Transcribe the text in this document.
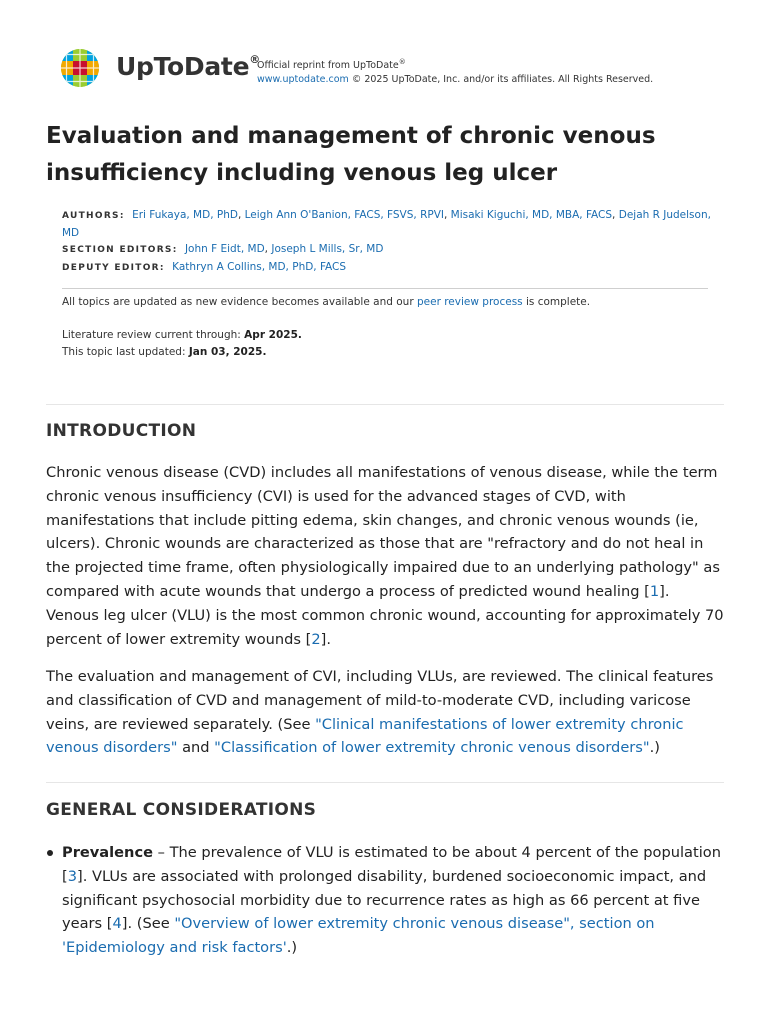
UpToDate®
Official reprint from UpToDate®
www.uptodate.com © 2025 UpToDate, Inc. and/or its affiliates. All Rights Reserved.
Evaluation and management of chronic venous insufficiency including venous leg ulcer
AUTHORS: Eri Fukaya, MD, PhD, Leigh Ann O'Banion, FACS, FSVS, RPVI, Misaki Kiguchi, MD, MBA, FACS, Dejah R Judelson, MD
SECTION EDITORS: John F Eidt, MD, Joseph L Mills, Sr, MD
DEPUTY EDITOR: Kathryn A Collins, MD, PhD, FACS
All topics are updated as new evidence becomes available and our peer review process is complete.
Literature review current through: Apr 2025.
This topic last updated: Jan 03, 2025.
INTRODUCTION

Chronic venous disease (CVD) includes all manifestations of venous disease, while the term chronic venous insufficiency (CVI) is used for the advanced stages of CVD, with manifestations that include pitting edema, skin changes, and chronic venous wounds (ie, ulcers). Chronic wounds are characterized as those that are "refractory and do not heal in the projected time frame, often physiologically impaired due to an underlying pathology" as compared with acute wounds that undergo a process of predicted wound healing [1]. Venous leg ulcer (VLU) is the most common chronic wound, accounting for approximately 70 percent of lower extremity wounds [2].

The evaluation and management of CVI, including VLUs, are reviewed. The clinical features and classification of CVD and management of mild-to-moderate CVD, including varicose veins, are reviewed separately. (See "Clinical manifestations of lower extremity chronic venous disorders" and "Classification of lower extremity chronic venous disorders".)

GENERAL CONSIDERATIONS

Prevalence – The prevalence of VLU is estimated to be about 4 percent of the population [3]. VLUs are associated with prolonged disability, burdened socioeconomic impact, and significant psychosocial morbidity due to recurrence rates as high as 66 percent at five years [4]. (See "Overview of lower extremity chronic venous disease", section on 'Epidemiology and risk factors'.)
